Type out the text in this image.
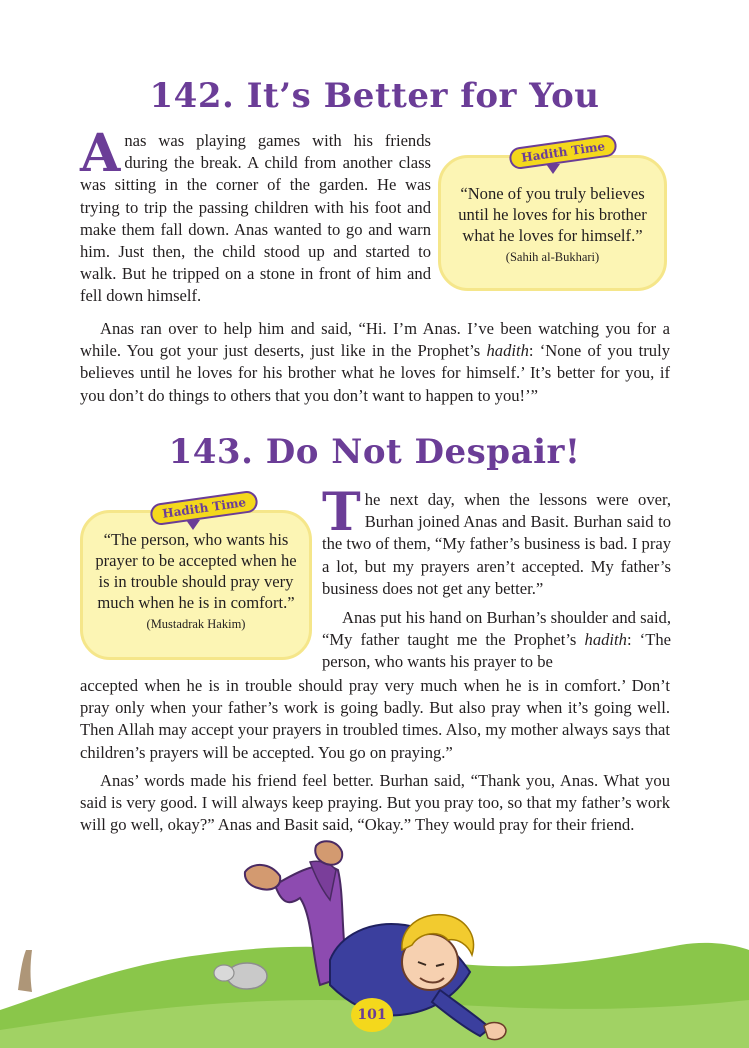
142. It’s Better for You

Anas was playing games with his friends during the break. A child from another class was sitting in the corner of the garden. He was trying to trip the passing children with his foot and make them fall down. Anas wanted to go and warn him. Just then, the child stood up and started to walk. But he tripped on a stone in front of him and fell down himself.

“None of you truly believes until he loves for his brother what he loves for himself.”
(Sahih al-Bukhari)
Hadith Time

Anas ran over to help him and said, “Hi. I’m Anas. I’ve been watching you for a while. You got your just deserts, just like in the Prophet’s hadith: ‘None of you truly believes until he loves for his brother what he loves for himself.’ It’s better for you, if you don’t do things to others that you don’t want to happen to you!’”

143. Do Not Despair!
“The person, who wants his prayer to be accepted when he is in trouble should pray very much when he is in comfort.”
(Mustadrak Hakim)
Hadith Time The next day, when the lessons were over, Burhan joined Anas and Basit. Burhan said to the two of them, “My father’s business is bad. I pray a lot, but my prayers aren’t accepted. My father’s business does not get any better.”

Anas put his hand on Burhan’s shoulder and said, “My father taught me the Prophet’s hadith: ‘The person, who wants his prayer to be

accepted when he is in trouble should pray very much when he is in comfort.’ Don’t pray only when your father’s work is going badly. But also pray when it’s going well. Then Allah may accept your prayers in troubled times. Also, my mother always says that children’s prayers will be accepted. You go on praying.”

Anas’ words made his friend feel better. Burhan said, “Thank you, Anas. What you said is very good. I will always keep praying. But you pray too, so that my father’s work will go well, okay?” Anas and Basit said, “Okay.” They would pray for their friend.

101
